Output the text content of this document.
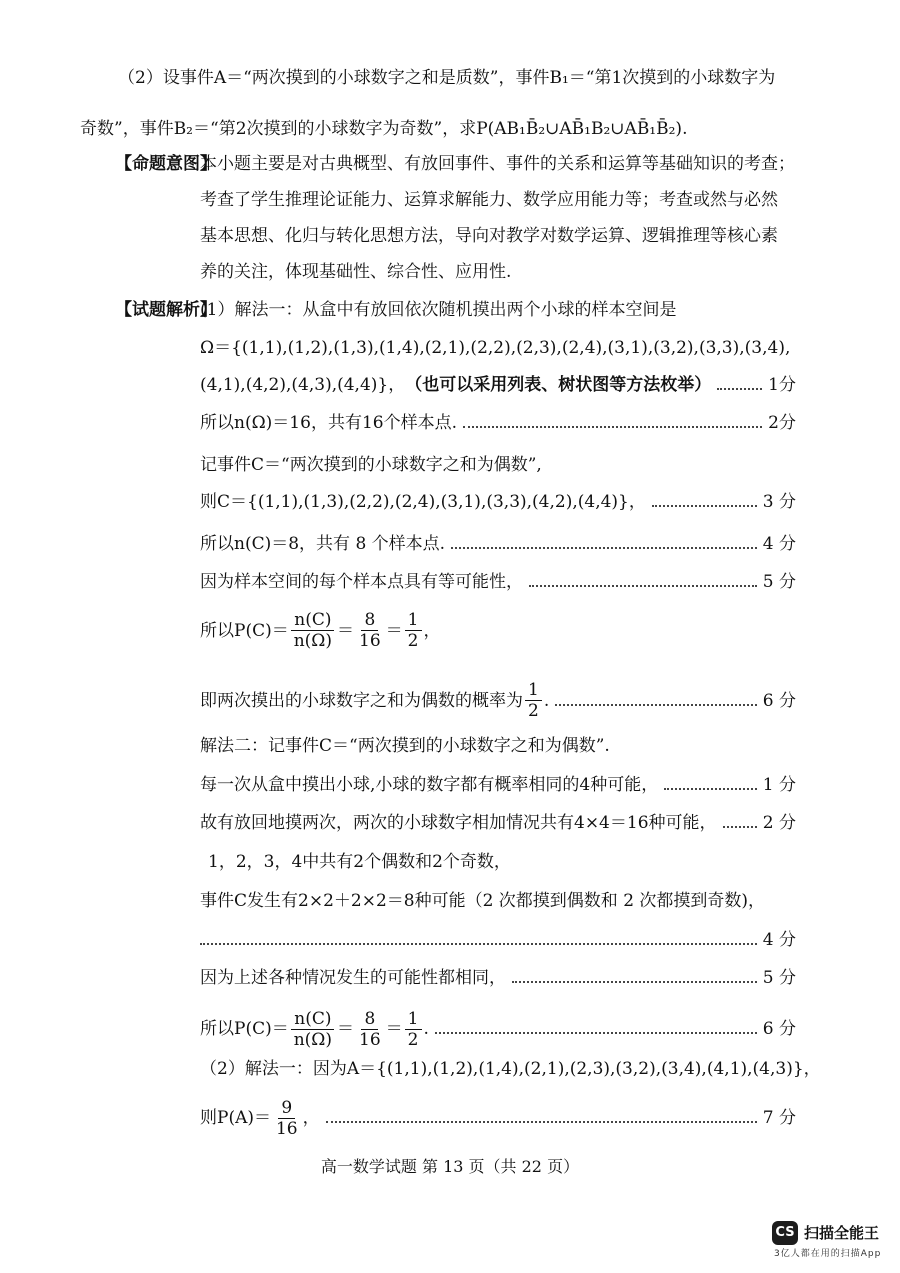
（2）设事件A＝“两次摸到的小球数字之和是质数”，事件B₁＝“第1次摸到的小球数字为
奇数”，事件B₂＝“第2次摸到的小球数字为奇数”，求P(AB₁B̄₂∪AB̄₁B₂∪AB̄₁B̄₂).
【命题意图】
本小题主要是对古典概型、有放回事件、事件的关系和运算等基础知识的考查；
考查了学生推理论证能力、运算求解能力、数学应用能力等；考查或然与必然
基本思想、化归与转化思想方法，导向对教学对数学运算、逻辑推理等核心素
养的关注，体现基础性、综合性、应用性.
【试题解析】
(1）解法一：从盒中有放回依次随机摸出两个小球的样本空间是
Ω＝{(1,1),(1,2),(1,3),(1,4),(2,1),(2,2),(2,3),(2,4),(3,1),(3,2),(3,3),(3,4),
(4,1),(4,2),(4,3),(4,4)}， （也可以采用列表、树状图等方法枚举）	1分
所以n(Ω)＝16，共有16个样本点.	2分
记事件C＝“两次摸到的小球数字之和为偶数”,
则C＝{(1,1),(1,3),(2,2),(2,4),(3,1),(3,3),(4,2),(4,4)}，	3 分
所以n(C)＝8，共有 8 个样本点.	4 分
因为样本空间的每个样本点具有等可能性，	5 分
所以$P(C)= \frac{n(C)}{n(\Omega)} = \frac{8}{16} = \frac{1}{2}$ ，
即两次摸出的小球数字之和为偶数的概率为 $\frac{1}{2}$ .	6 分
解法二：记事件C＝“两次摸到的小球数字之和为偶数”.
每一次从盒中摸出小球,小球的数字都有概率相同的4种可能，	1 分
故有放回地摸两次，两次的小球数字相加情况共有4×4＝16种可能，	2 分
1，2，3，4中共有2个偶数和2个奇数，
事件C发生有2×2＋2×2＝8种可能（2 次都摸到偶数和 2 次都摸到奇数)，
4 分
因为上述各种情况发生的可能性都相同，	5 分
所以$P(C)= \frac{n(C)}{n(\Omega)} = \frac{8}{16} = \frac{1}{2}$ .	6 分
（2）解法一：因为A＝{(1,1),(1,2),(1,4),(2,1),(2,3),(3,2),(3,4),(4,1),(4,3)}，
则$P(A)= \frac{9}{16}$ ，	7 分
高一数学试题 第 13 页（共 22 页）
CS 扫描全能王
3亿人都在用的扫描App
